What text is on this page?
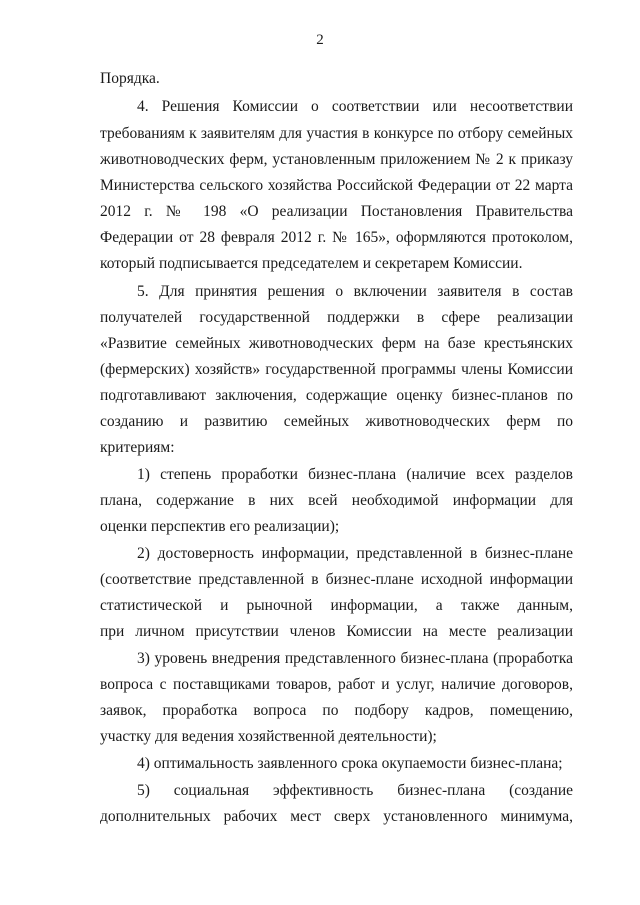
2
Порядка.
4. Решения Комиссии о соответствии или несоответствии
требованиям к заявителям для участия в конкурсе по отбору семейных
животноводческих ферм, установленным приложением № 2 к приказу
Министерства сельского хозяйства Российской Федерации от 22 марта
2012 г. № 198 «О реализации Постановления Правительства
Федерации от 28 февраля 2012 г. № 165», оформляются протоколом,
который подписывается председателем и секретарем Комиссии.
5. Для принятия решения о включении заявителя в состав
получателей государственной поддержки в сфере реализации
«Развитие семейных животноводческих ферм на базе крестьянских
(фермерских) хозяйств» государственной программы члены Комиссии
подготавливают заключения, содержащие оценку бизнес-планов по
созданию и развитию семейных животноводческих ферм по
критериям:
1) степень проработки бизнес-плана (наличие всех разделов
плана, содержание в них всей необходимой информации для
оценки перспектив его реализации);
2) достоверность информации, представленной в бизнес-плане
(соответствие представленной в бизнес-плане исходной информации
статистической и рыночной информации, а также данным,
при личном присутствии членов Комиссии на месте реализации
3) уровень внедрения представленного бизнес-плана (проработка
вопроса с поставщиками товаров, работ и услуг, наличие договоров,
заявок, проработка вопроса по подбору кадров, помещению,
участку для ведения хозяйственной деятельности);
4) оптимальность заявленного срока окупаемости бизнес-плана;
5) социальная эффективность бизнес-плана (создание
дополнительных рабочих мест сверх установленного минимума,
